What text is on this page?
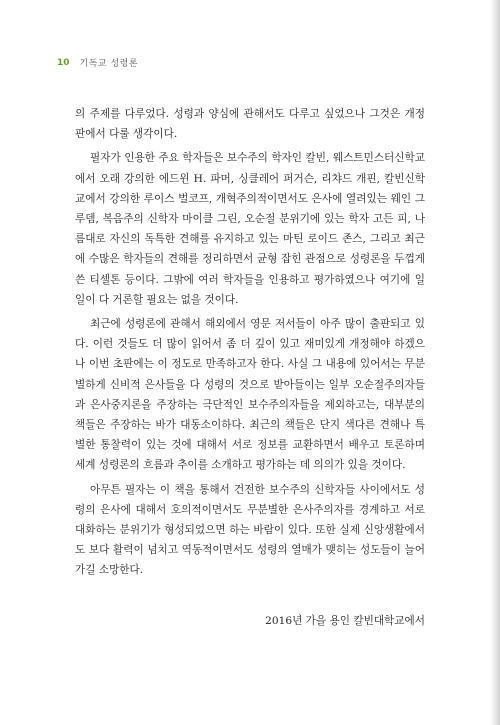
10 기독교 성령론

의 주제를 다루었다. 성령과 양심에 관해서도 다루고 싶었으나 그것은 개정판에서 다룰 생각이다.

필자가 인용한 주요 학자들은 보수주의 학자인 칼빈, 웨스트민스터신학교에서 오래 강의한 에드윈 H. 파머, 싱클레어 퍼거슨, 리챠드 개핀, 칼빈신학교에서 강의한 루이스 벌코프, 개혁주의적이면서도 은사에 열려있는 웨인 그루뎀, 복음주의 신학자 마이클 그린, 오순절 분위기에 있는 학자 고든 피, 나름대로 자신의 독특한 견해를 유지하고 있는 마틴 로이드 존스, 그리고 최근에 수많은 학자들의 견해를 정리하면서 균형 잡힌 관점으로 성령론을 두껍게 쓴 티셀톤 등이다. 그밖에 여러 학자들을 인용하고 평가하였으나 여기에 일일이 다 거론할 필요는 없을 것이다.

최근에 성령론에 관해서 해외에서 영문 저서들이 아주 많이 출판되고 있다. 이런 것들도 더 많이 읽어서 좀 더 깊이 있고 재미있게 개정해야 하겠으나 이번 초판에는 이 정도로 만족하고자 한다. 사실 그 내용에 있어서는 무분별하게 신비적 은사들을 다 성령의 것으로 받아들이는 일부 오순절주의자들과 은사중지론을 주장하는 극단적인 보수주의자들을 제외하고는, 대부분의 책들은 주장하는 바가 대동소이하다. 최근의 책들은 단지 색다른 견해나 특별한 통찰력이 있는 것에 대해서 서로 정보를 교환하면서 배우고 토론하며 세계 성령론의 흐름과 추이를 소개하고 평가하는 데 의의가 있을 것이다.

아무튼 필자는 이 책을 통해서 건전한 보수주의 신학자들 사이에서도 성령의 은사에 대해서 호의적이면서도 무분별한 은사주의자를 경계하고 서로 대화하는 분위기가 형성되었으면 하는 바람이 있다. 또한 실제 신앙생활에서도 보다 활력이 넘치고 역동적이면서도 성령의 열매가 맺히는 성도들이 늘어가길 소망한다.

2016년 가을 용인 칼빈대학교에서
